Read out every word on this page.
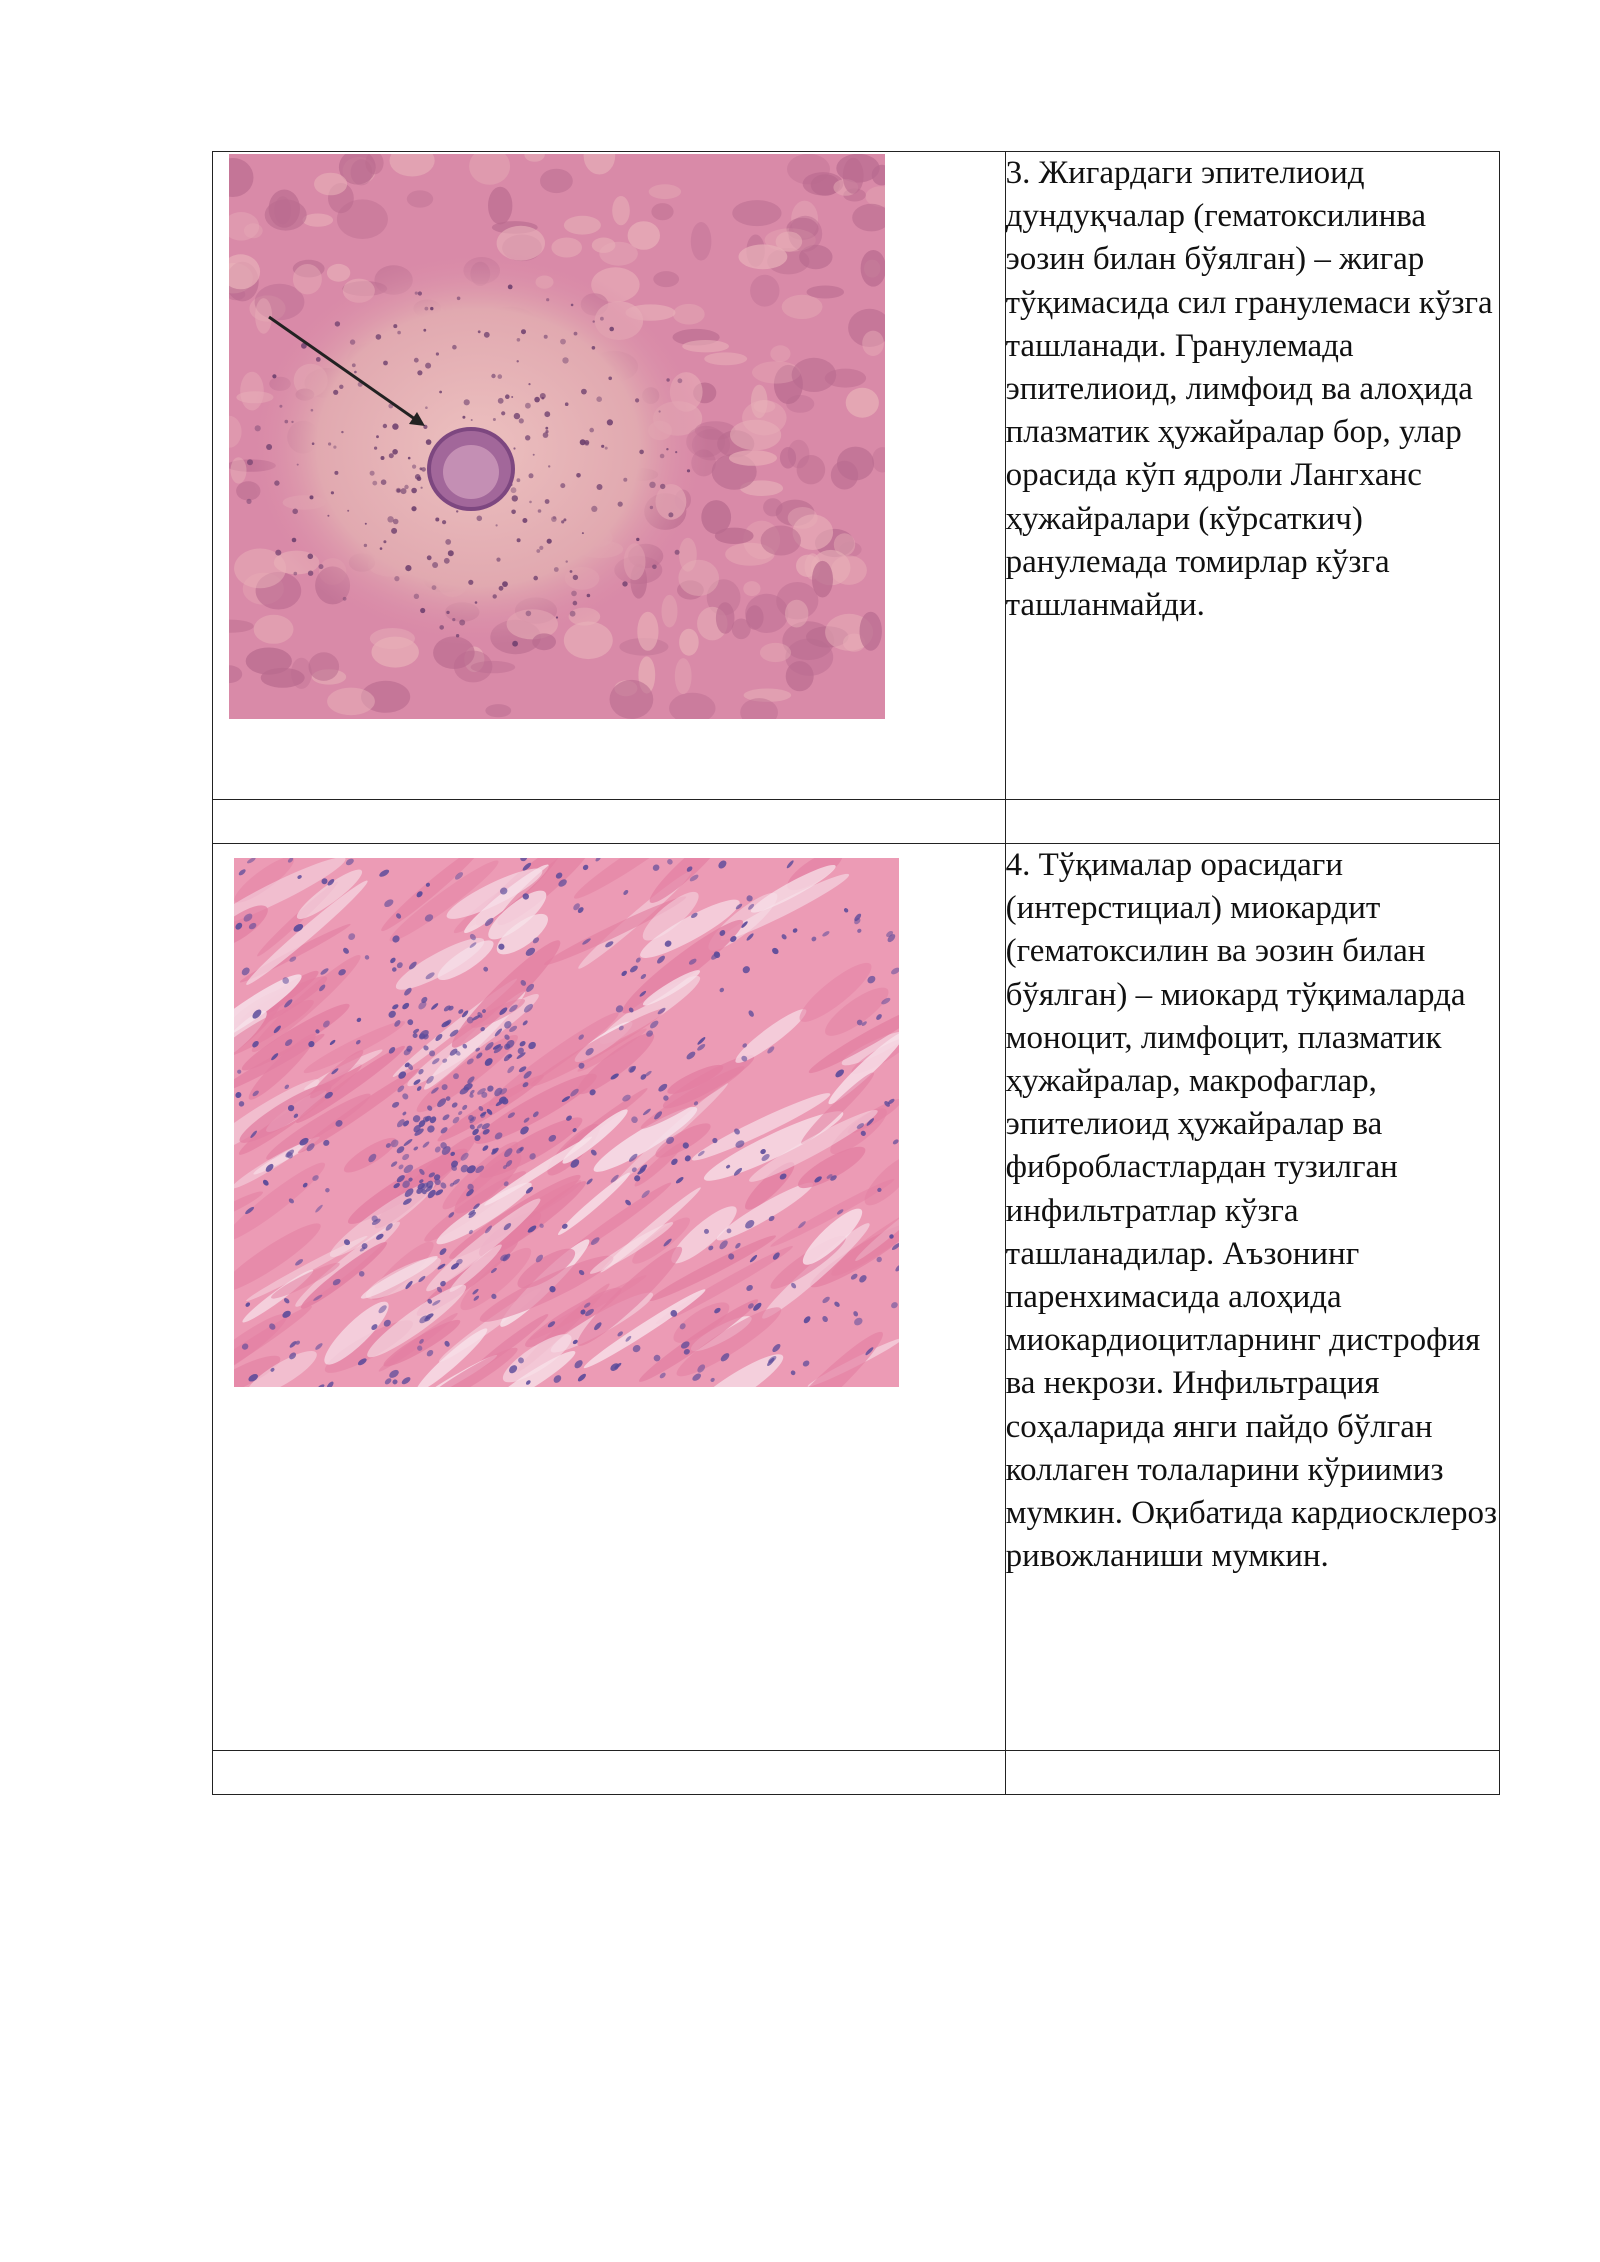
	3. Жигардаги эпителиоид дундуқчалар (гематоксилинва эозин билан бўялган) – жигар тўқимасида сил гранулемаси кўзга ташланади. Гранулемада эпителиоид, лимфоид ва алоҳида плазматик ҳужайралар бор, улар орасида кўп ядроли Лангханс ҳужайралари (кўрсаткич) ранулемада томирлар кўзга ташланмайди.

	4. Тўқималар орасидаги (интерстициал) миокардит (гематоксилин ва эозин билан бўялган) – миокард тўқималарда моноцит, лимфоцит, плазматик ҳужайралар, макрофаглар, эпителиоид ҳужайралар ва фибробластлардан тузилган инфильтратлар кўзга ташланадилар. Аъзонинг паренхимасида алоҳида миокардиоцитларнинг дистрофия ва некрози. Инфильтрация соҳаларида янги пайдо бўлган коллаген толаларини кўриимиз мумкин. Оқибатида кардиосклероз ривожланиши мумкин.
